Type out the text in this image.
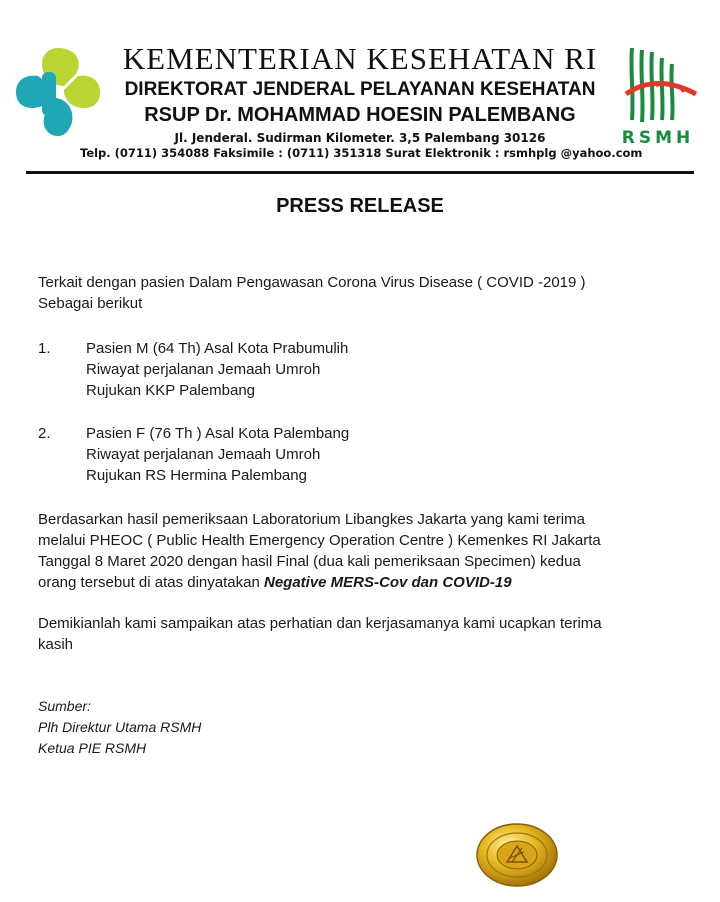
KEMENTERIAN KESEHATAN RI
DIREKTORAT JENDERAL PELAYANAN KESEHATAN
RSUP Dr. MOHAMMAD HOESIN PALEMBANG
Jl. Jenderal. Sudirman Kilometer. 3,5 Palembang 30126	RSMH
Telp. (0711) 354088 Faksimile : (0711) 351318 Surat Elektronik : rsmhplg @yahoo.com
PRESS RELEASE
Terkait dengan pasien Dalam Pengawasan Corona Virus Disease ( COVID -2019 )
Sebagai berikut
1.	Pasien M (64 Th) Asal Kota Prabumulih
Riwayat perjalanan Jemaah Umroh
Rujukan KKP Palembang
2.	Pasien F (76 Th ) Asal Kota Palembang
Riwayat perjalanan Jemaah Umroh
Rujukan RS Hermina Palembang
Berdasarkan hasil pemeriksaan Laboratorium Libangkes Jakarta yang kami terima
melalui PHEOC ( Public Health Emergency Operation Centre ) Kemenkes RI Jakarta
Tanggal 8 Maret 2020 dengan hasil Final (dua kali pemeriksaan Specimen) kedua
orang tersebut di atas dinyatakan Negative MERS-Cov dan COVID-19
Demikianlah kami sampaikan atas perhatian dan kerjasamanya kami ucapkan terima
kasih
Sumber:
Plh Direktur Utama RSMH
Ketua PIE RSMH
